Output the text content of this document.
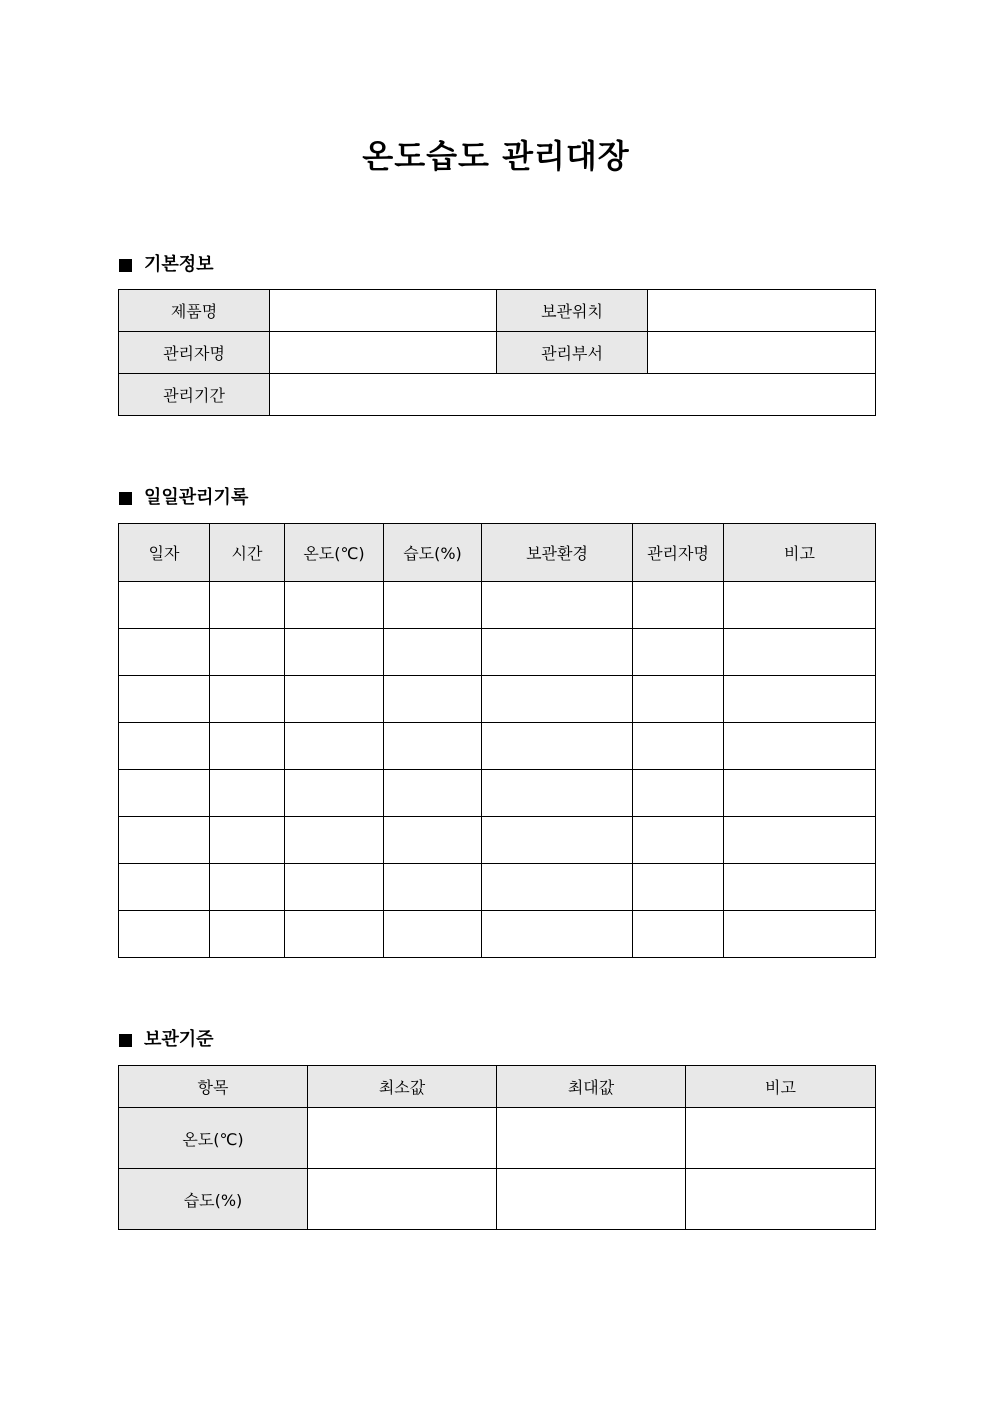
온도습도 관리대장
기본정보
제품명		보관위치	
관리자명		관리부서	
관리기간			
일일관리기록
일자	시간	온도(℃)	습도(%)	보관환경	관리자명	비고

보관기준
항목	최소값	최대값	비고
온도(℃)			
습도(%)			
